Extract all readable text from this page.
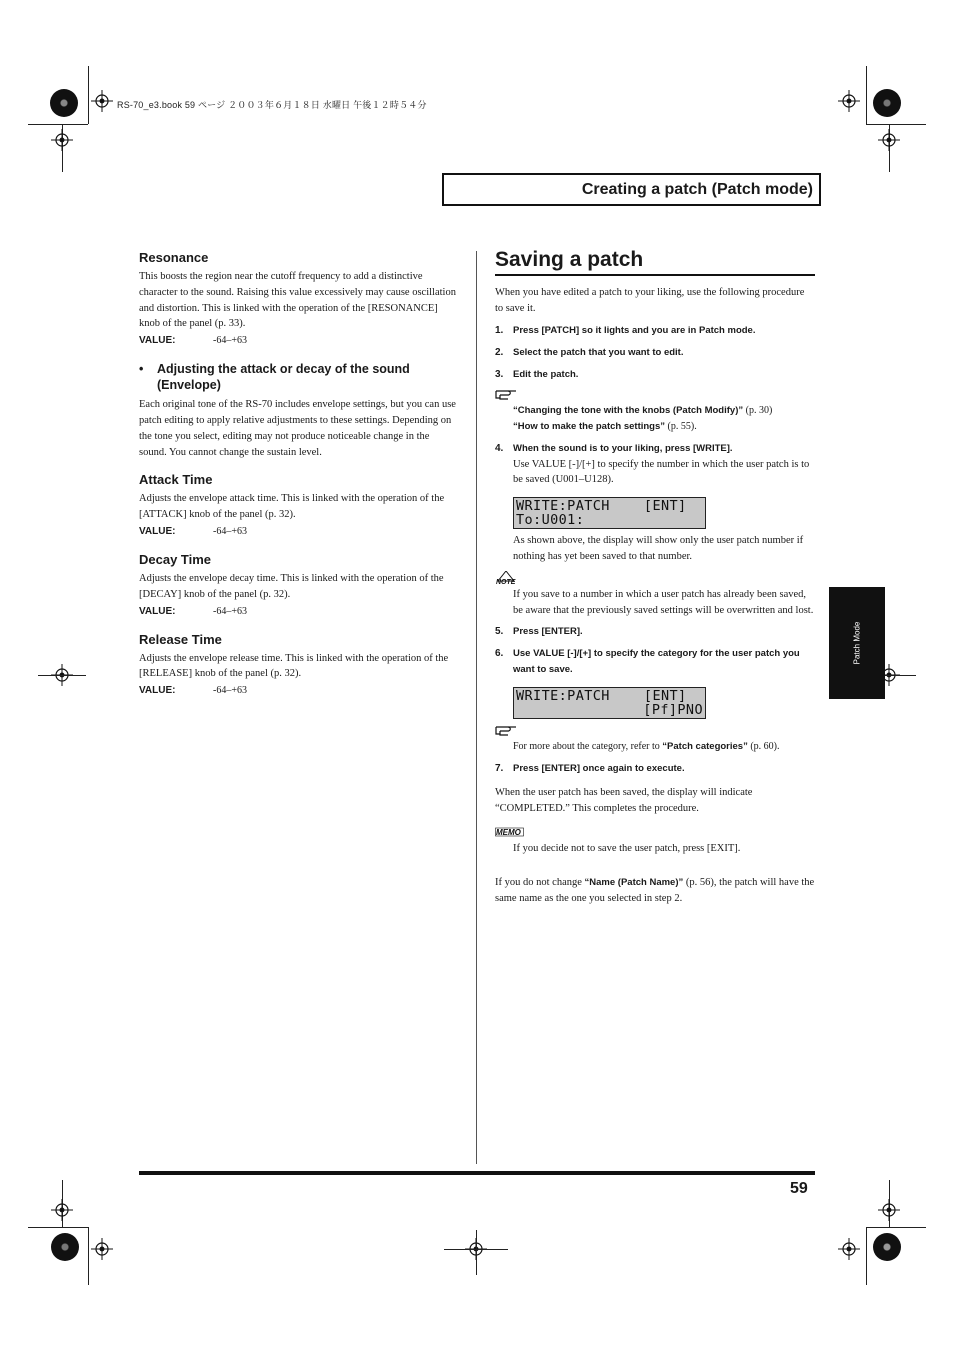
RS-70_e3.book 59 ページ ２００３年６月１８日 水曜日 午後１２時５４分
Creating a patch (Patch mode)
Resonance

This boosts the region near the cutoff frequency to add a distinctive character to the sound. Raising this value excessively may cause oscillation and distortion. This is linked with the operation of the [RESONANCE] knob of the panel (p. 33).

VALUE:	-64–+63
• Adjusting the attack or decay of the sound (Envelope)

Each original tone of the RS-70 includes envelope settings, but you can use patch editing to apply relative adjustments to these settings. Depending on the tone you select, editing may not produce noticeable change in the sound. You cannot change the sustain level.

Attack Time

Adjusts the envelope attack time. This is linked with the operation of the [ATTACK] knob of the panel (p. 32).

VALUE:	-64–+63
Decay Time

Adjusts the envelope decay time. This is linked with the operation of the [DECAY] knob of the panel (p. 32).

VALUE:	-64–+63
Release Time

Adjusts the envelope release time. This is linked with the operation of the [RELEASE] knob of the panel (p. 32).

VALUE:	-64–+63
Saving a patch

When you have edited a patch to your liking, use the following procedure to save it.

1. Press [PATCH] so it lights and you are in Patch mode.
2. Select the patch that you want to edit.
3. Edit the patch.
“Changing the tone with the knobs (Patch Modify)” (p. 30)
“How to make the patch settings” (p. 55).
4. When the sound is to your liking, press [WRITE].

Use VALUE [-]/[+] to specify the number in which the user patch is to be saved (U001–U128).

WRITE:PATCH    [ENT]
To:U001:

As shown above, the display will show only the user patch number if nothing has yet been saved to that number.

NOTE

If you save to a number in which a user patch has already been saved, be aware that the previously saved settings will be overwritten and lost.

5. Press [ENTER].
6. Use VALUE [-]/[+] to specify the category for the user patch you want to save.
WRITE:PATCH    [ENT]
[Pf]PNO
For more about the category, refer to “Patch categories” (p. 60).
7. Press [ENTER] once again to execute.

When the user patch has been saved, the display will indicate “COMPLETED.” This completes the procedure.

MEMO

If you decide not to save the user patch, press [EXIT].

If you do not change “Name (Patch Name)” (p. 56), the patch will have the same name as the one you selected in step 2.

Patch Mode
59
